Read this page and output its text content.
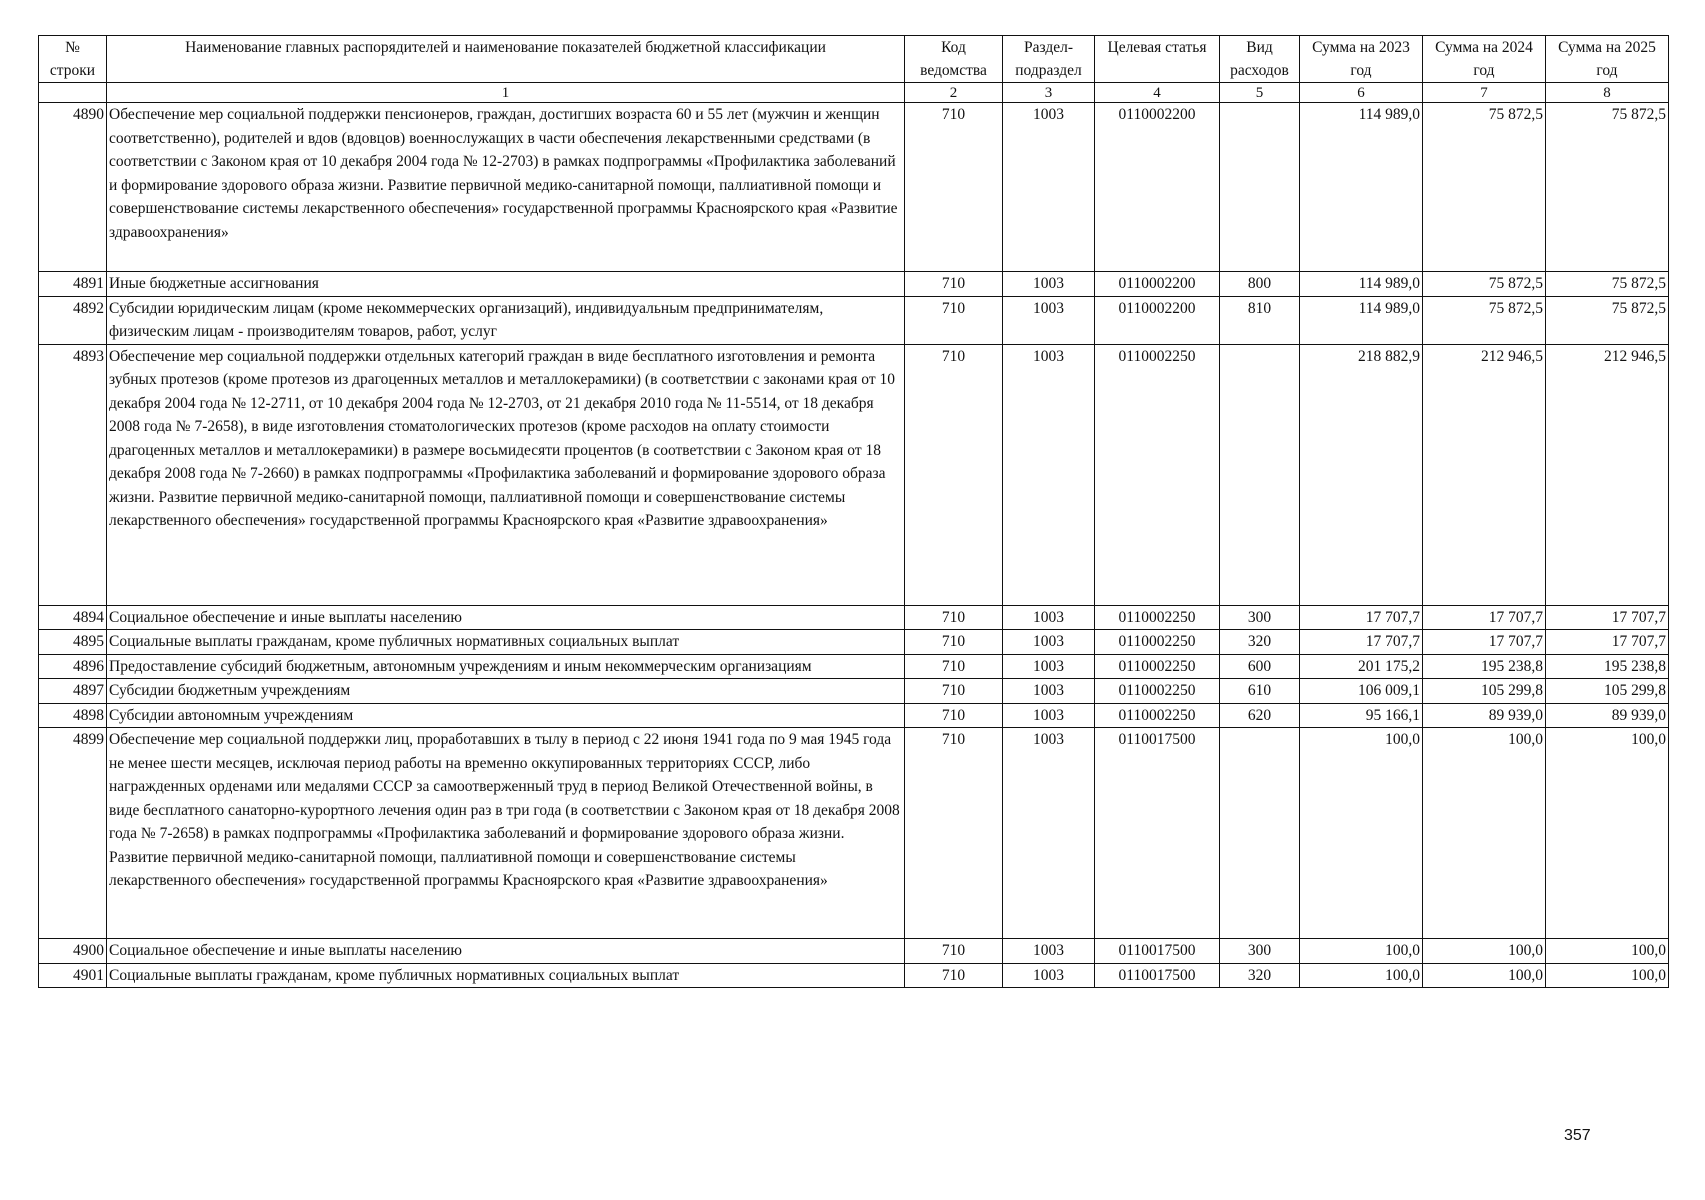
№ строки	Наименование главных распорядителей и наименование показателей бюджетной классификации	Код ведомства	Раздел-подраздел	Целевая статья	Вид расходов	Сумма на 2023 год	Сумма на 2024 год	Сумма на 2025 год
	1	2	3	4	5	6	7	8
4890	Обеспечение мер социальной поддержки пенсионеров, граждан, достигших возраста 60 и 55 лет (мужчин и женщин соответственно), родителей и вдов (вдовцов) военнослужащих в части обеспечения лекарственными средствами (в соответствии с Законом края от 10 декабря 2004 года № 12-2703) в рамках подпрограммы «Профилактика заболеваний и формирование здорового образа жизни. Развитие первичной медико-санитарной помощи, паллиативной помощи и совершенствование системы лекарственного обеспечения» государственной программы Красноярского края «Развитие здравоохранения»	710	1003	0110002200		114 989,0	75 872,5	75 872,5
4891	Иные бюджетные ассигнования	710	1003	0110002200	800	114 989,0	75 872,5	75 872,5
4892	Субсидии юридическим лицам (кроме некоммерческих организаций), индивидуальным предпринимателям, физическим лицам - производителям товаров, работ, услуг	710	1003	0110002200	810	114 989,0	75 872,5	75 872,5
4893	Обеспечение мер социальной поддержки отдельных категорий граждан в виде бесплатного изготовления и ремонта зубных протезов (кроме протезов из драгоценных металлов и металлокерамики) (в соответствии с законами края от 10 декабря 2004 года № 12-2711, от 10 декабря 2004 года № 12-2703, от 21 декабря 2010 года № 11-5514, от 18 декабря 2008 года № 7-2658), в виде изготовления стоматологических протезов (кроме расходов на оплату стоимости драгоценных металлов и металлокерамики) в размере восьмидесяти процентов (в соответствии с Законом края от 18 декабря 2008 года № 7-2660) в рамках подпрограммы «Профилактика заболеваний и формирование здорового образа жизни. Развитие первичной медико-санитарной помощи, паллиативной помощи и совершенствование системы лекарственного обеспечения» государственной программы Красноярского края «Развитие здравоохранения»	710	1003	0110002250		218 882,9	212 946,5	212 946,5
4894	Социальное обеспечение и иные выплаты населению	710	1003	0110002250	300	17 707,7	17 707,7	17 707,7
4895	Социальные выплаты гражданам, кроме публичных нормативных социальных выплат	710	1003	0110002250	320	17 707,7	17 707,7	17 707,7
4896	Предоставление субсидий бюджетным, автономным учреждениям и иным некоммерческим организациям	710	1003	0110002250	600	201 175,2	195 238,8	195 238,8
4897	Субсидии бюджетным учреждениям	710	1003	0110002250	610	106 009,1	105 299,8	105 299,8
4898	Субсидии автономным учреждениям	710	1003	0110002250	620	95 166,1	89 939,0	89 939,0
4899	Обеспечение мер социальной поддержки лиц, проработавших в тылу в период с 22 июня 1941 года по 9 мая 1945 года не менее шести месяцев, исключая период работы на временно оккупированных территориях СССР, либо награжденных орденами или медалями СССР за самоотверженный труд в период Великой Отечественной войны, в виде бесплатного санаторно-курортного лечения один раз в три года (в соответствии с Законом края от 18 декабря 2008 года № 7-2658) в рамках подпрограммы «Профилактика заболеваний и формирование здорового образа жизни. Развитие первичной медико-санитарной помощи, паллиативной помощи и совершенствование системы лекарственного обеспечения» государственной программы Красноярского края «Развитие здравоохранения»	710	1003	0110017500		100,0	100,0	100,0
4900	Социальное обеспечение и иные выплаты населению	710	1003	0110017500	300	100,0	100,0	100,0
4901	Социальные выплаты гражданам, кроме публичных нормативных социальных выплат	710	1003	0110017500	320	100,0	100,0	100,0
357
